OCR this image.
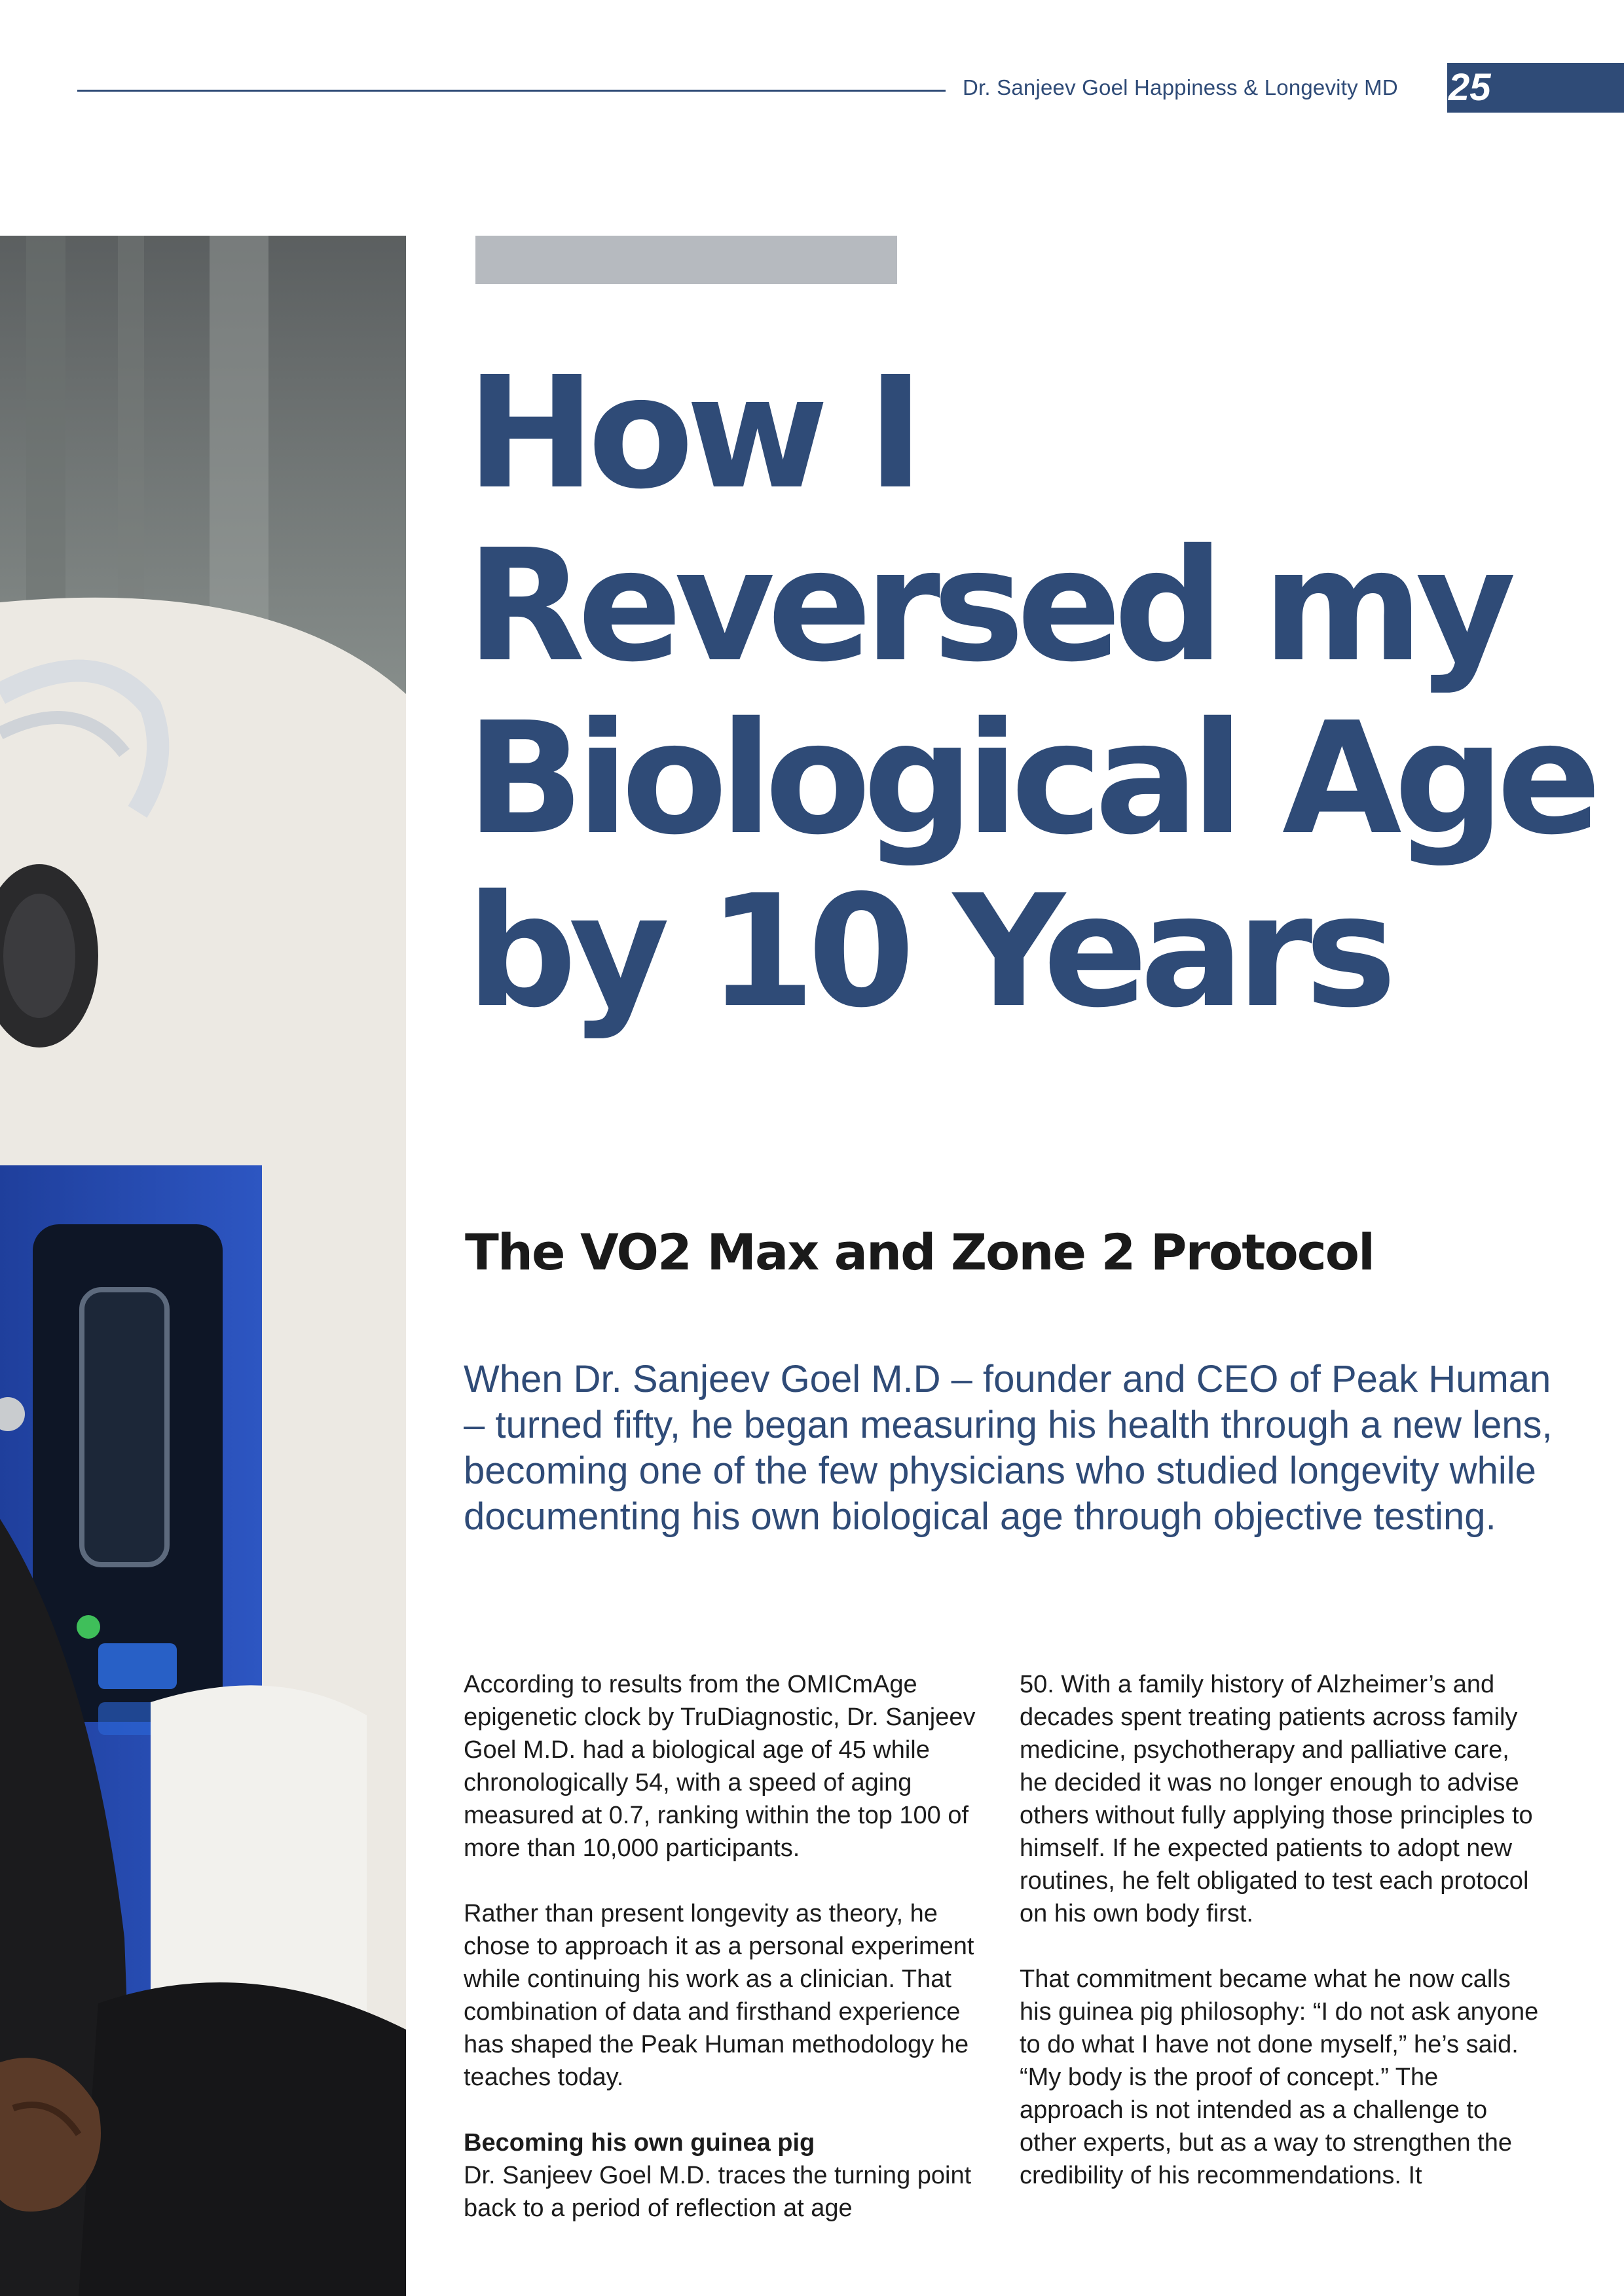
Dr. Sanjeev Goel Happiness & Longevity MD 25
How I Reversed my Biological Age by 10 Years
The VO2 Max and Zone 2 Protocol

When Dr. Sanjeev Goel M.D – founder and CEO of Peak Human – turned fifty, he began measuring his health through a new lens, becoming one of the few physicians who studied longevity while documenting his own biological age through objective testing.

According to results from the OMICmAge epigenetic clock by TruDiagnostic, Dr. Sanjeev Goel M.D. had a biological age of 45 while chronologically 54, with a speed of aging measured at 0.7, ranking within the top 100 of more than 10,000 participants.

Rather than present longevity as theory, he chose to approach it as a personal experiment while continuing his work as a clinician. That combination of data and firsthand experience has shaped the Peak Human methodology he teaches today.

Becoming his own guinea pig
Dr. Sanjeev Goel M.D. traces the turning point back to a period of reflection at age

50. With a family history of Alzheimer’s and decades spent treating patients across family medicine, psychotherapy and palliative care, he decided it was no longer enough to advise others without fully applying those principles to himself. If he expected patients to adopt new routines, he felt obligated to test each protocol on his own body first.

That commitment became what he now calls his guinea pig philosophy: “I do not ask anyone to do what I have not done myself,” he’s said. “My body is the proof of concept.” The approach is not intended as a challenge to other experts, but as a way to strengthen the credibility of his recommendations. It
